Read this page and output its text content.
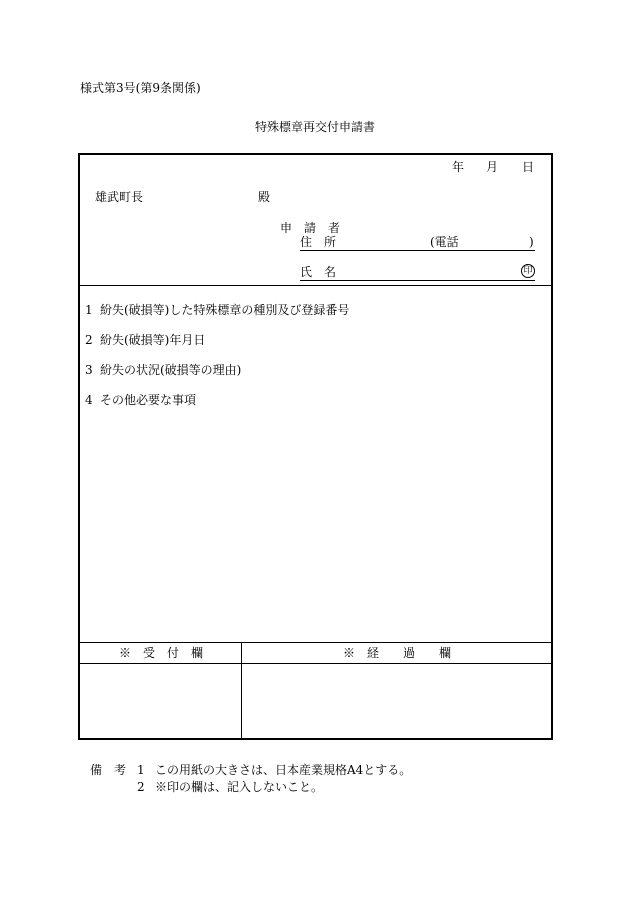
様式第3号(第9条関係)
特殊標章再交付申請書
年 月 日
雄武町長	殿
申　請　者
住　所	(電話	)
氏　名	印
1 紛失(破損等)した特殊標章の種別及び登録番号
2 紛失(破損等)年月日
3 紛失の状況(破損等の理由)
4 その他必要な事項
※　受　付　欄	※　経　　過　　欄
備　考 1 この用紙の大きさは、日本産業規格A4とする。
2 ※印の欄は、記入しないこと。
